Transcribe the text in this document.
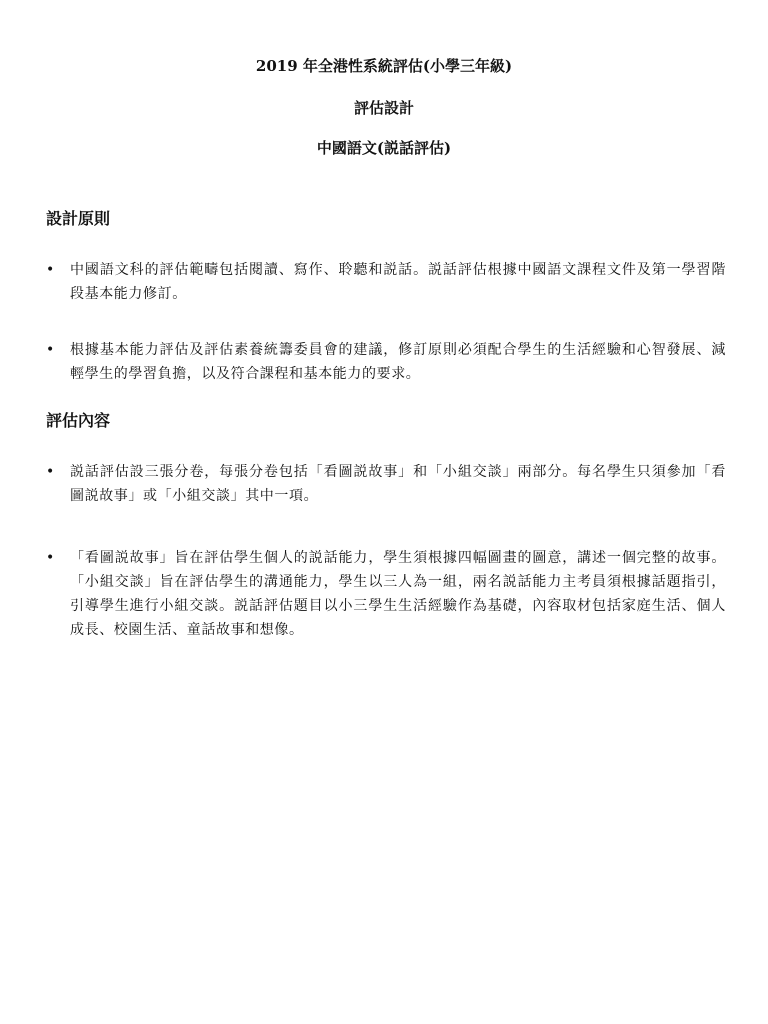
2019 年全港性系統評估(小學三年級)

評估設計

中國語文(説話評估)

設計原則
•	中國語文科的評估範疇包括閱讀、寫作、聆聽和説話。説話評估根據中國語文課程文件及第一學習階段基本能力修訂。
•	根據基本能力評估及評估素養統籌委員會的建議，修訂原則必須配合學生的生活經驗和心智發展、減輕學生的學習負擔，以及符合課程和基本能力的要求。
評估內容
•	説話評估設三張分卷，每張分卷包括「看圖説故事」和「小組交談」兩部分。每名學生只須參加「看圖説故事」或「小組交談」其中一項。
•	「看圖説故事」旨在評估學生個人的説話能力，學生須根據四幅圖畫的圖意，講述一個完整的故事。「小組交談」旨在評估學生的溝通能力，學生以三人為一組，兩名説話能力主考員須根據話題指引，引導學生進行小組交談。説話評估題目以小三學生生活經驗作為基礎，內容取材包括家庭生活、個人成長、校園生活、童話故事和想像。
